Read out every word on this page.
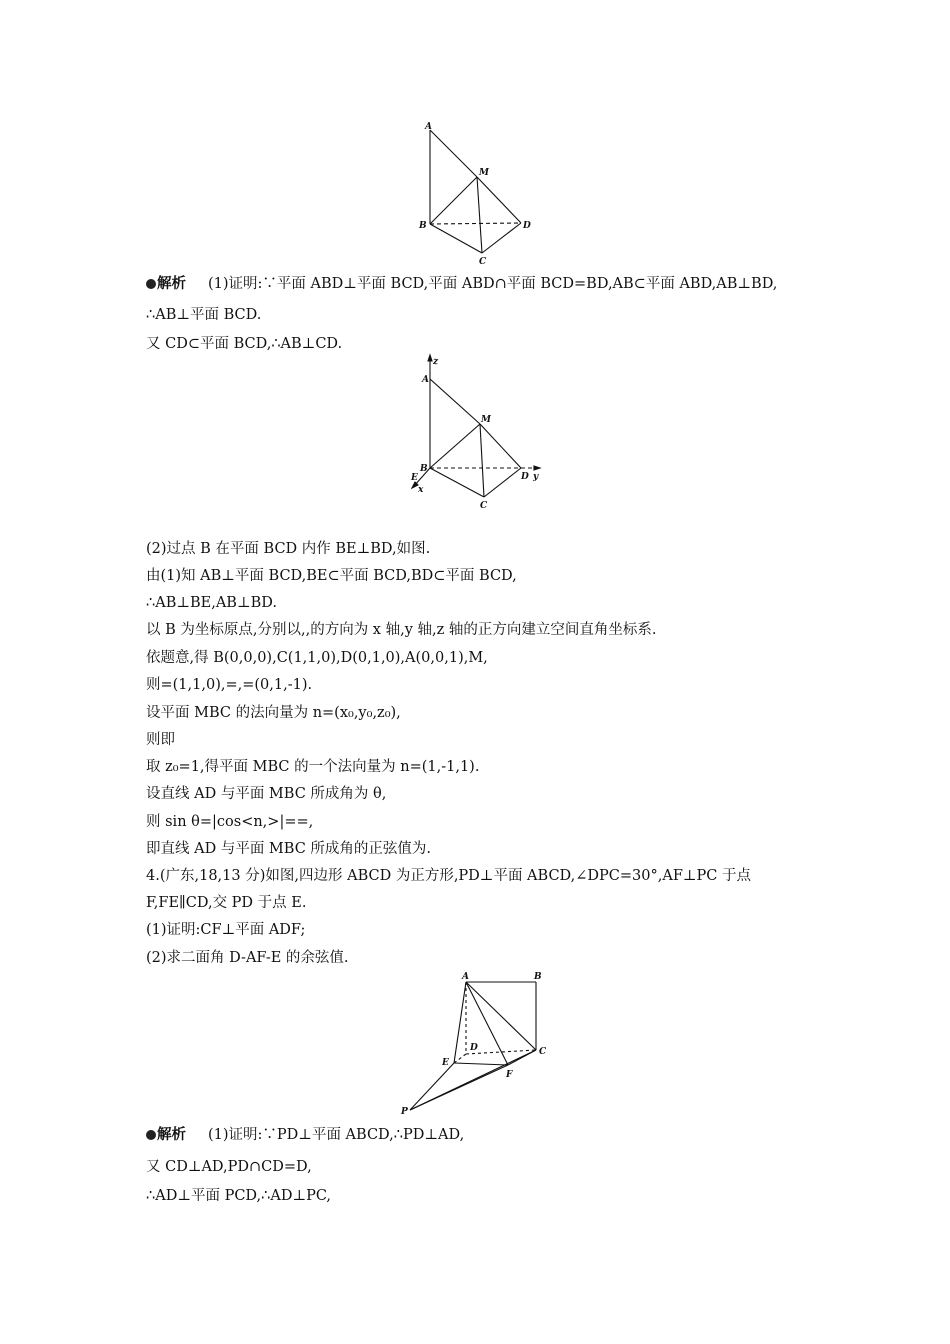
A
M
B	D
C
解析 (1)证明:∵平面 ABD⊥平面 BCD,平面 ABD∩平面 BCD=BD,AB⊂平面 ABD,AB⊥BD,
∴AB⊥平面 BCD.
又 CD⊂平面 BCD,∴AB⊥CD.
z
A
M
B
E
x
D y
C
(2)过点 B 在平面 BCD 内作 BE⊥BD,如图.
由(1)知 AB⊥平面 BCD,BE⊂平面 BCD,BD⊂平面 BCD,
∴AB⊥BE,AB⊥BD.
以 B 为坐标原点,分别以,,的方向为 x 轴,y 轴,z 轴的正方向建立空间直角坐标系.
依题意,得 B(0,0,0),C(1,1,0),D(0,1,0),A(0,0,1),M,
则=(1,1,0),=,=(0,1,-1).
设平面 MBC 的法向量为 n=(x₀,y₀,z₀),
则即
取 z₀=1,得平面 MBC 的一个法向量为 n=(1,-1,1).
设直线 AD 与平面 MBC 所成角为 θ,
则 sin θ=|cos<n,>|==,
即直线 AD 与平面 MBC 所成角的正弦值为.
4.(广东,18,13 分)如图,四边形 ABCD 为正方形,PD⊥平面 ABCD,∠DPC=30°,AF⊥PC 于点
F,FE∥CD,交 PD 于点 E.
(1)证明:CF⊥平面 ADF;
(2)求二面角 D-AF-E 的余弦值.
A	B
D
E
C
F
P
解析 (1)证明:∵PD⊥平面 ABCD,∴PD⊥AD,
又 CD⊥AD,PD∩CD=D,
∴AD⊥平面 PCD,∴AD⊥PC,
